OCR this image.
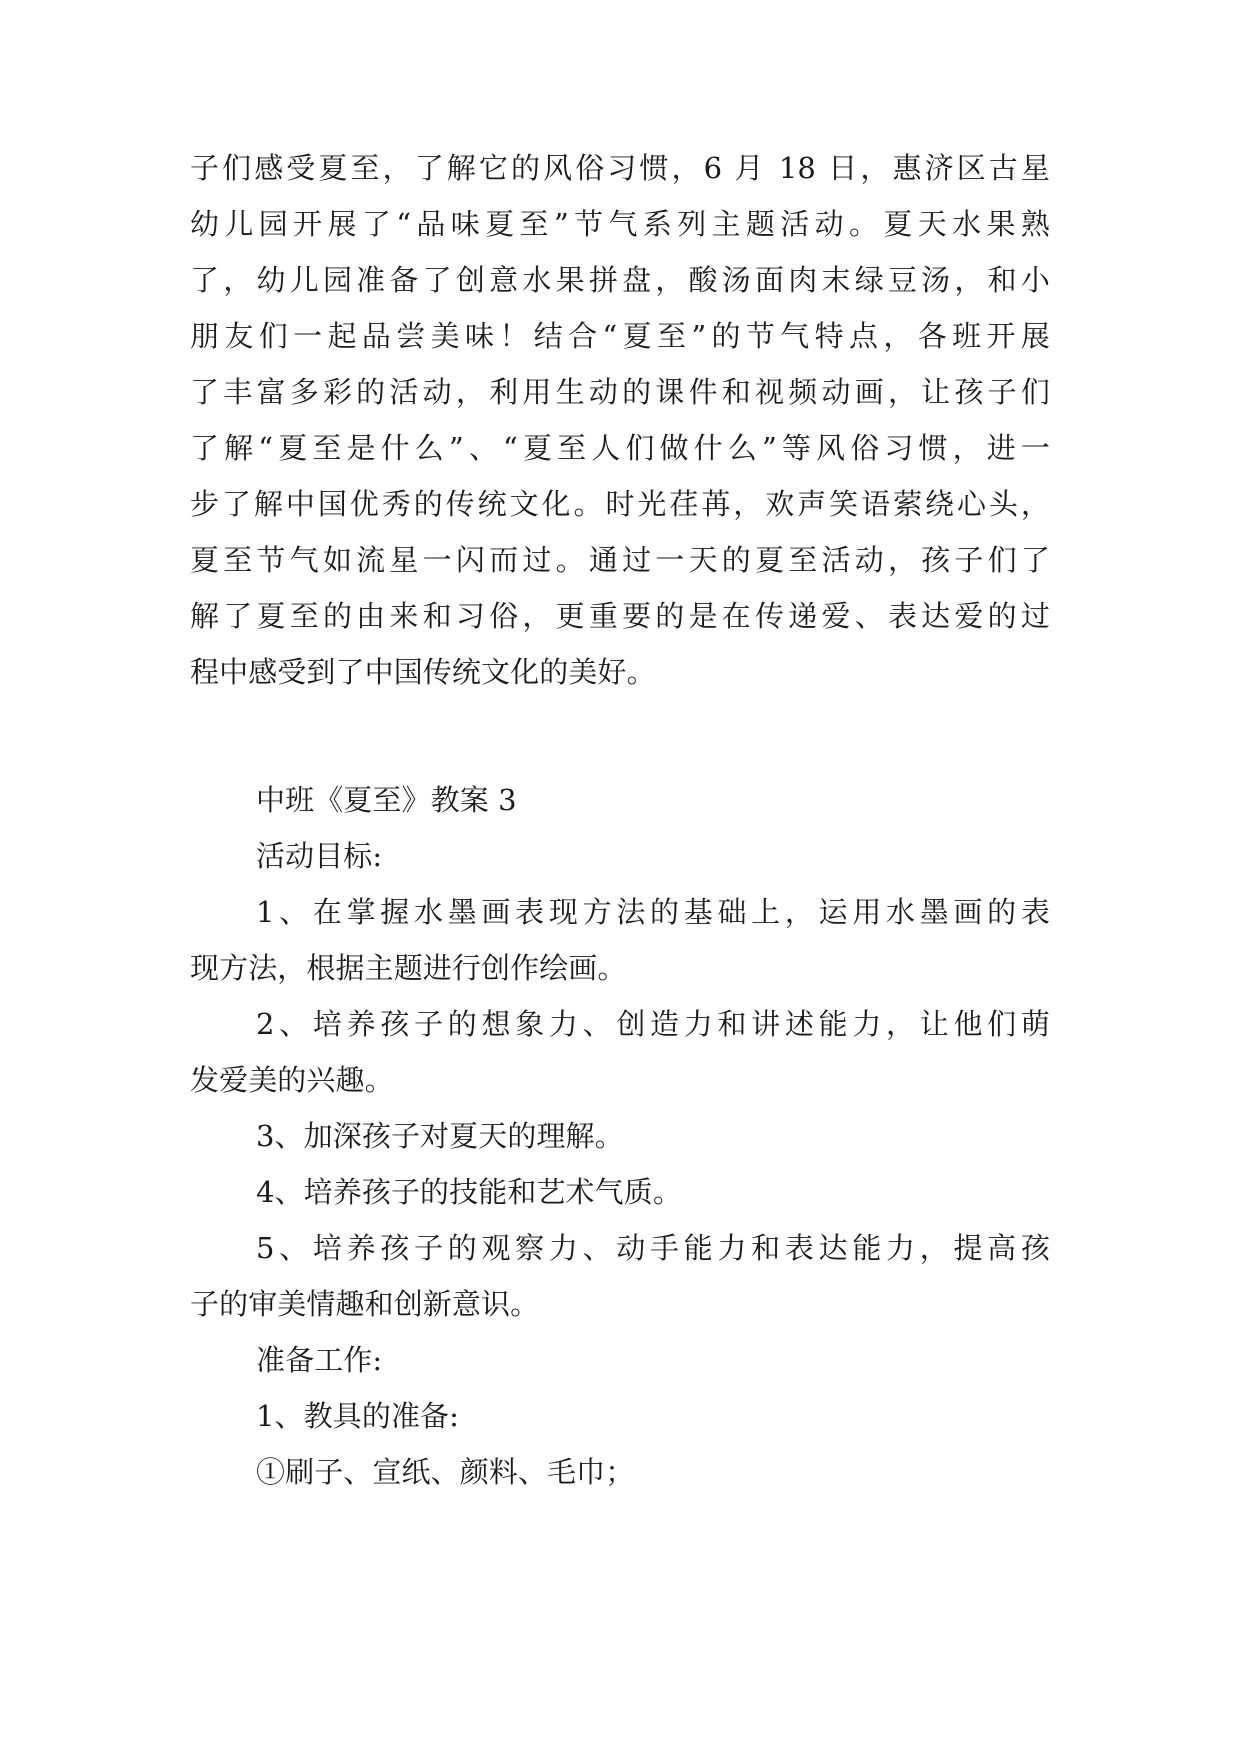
子们感受夏至，了解它的风俗习惯，6 月 18 日，惠济区古星
幼儿园开展了“品味夏至”节气系列主题活动。夏天水果熟
了，幼儿园准备了创意水果拼盘，酸汤面肉末绿豆汤，和小
朋友们一起品尝美味！结合“夏至”的节气特点，各班开展
了丰富多彩的活动，利用生动的课件和视频动画，让孩子们
了解“夏至是什么”、“夏至人们做什么”等风俗习惯，进一
步了解中国优秀的传统文化。时光荏苒，欢声笑语萦绕心头，
夏至节气如流星一闪而过。通过一天的夏至活动，孩子们了
解了夏至的由来和习俗，更重要的是在传递爱、表达爱的过
程中感受到了中国传统文化的美好。
中班《夏至》教案 3
活动目标:
1、在掌握水墨画表现方法的基础上，运用水墨画的表
现方法，根据主题进行创作绘画。
2、培养孩子的想象力、创造力和讲述能力，让他们萌
发爱美的兴趣。
3、加深孩子对夏天的理解。
4、培养孩子的技能和艺术气质。
5、培养孩子的观察力、动手能力和表达能力，提高孩
子的审美情趣和创新意识。
准备工作:
1、教具的准备:
①刷子、宣纸、颜料、毛巾；
